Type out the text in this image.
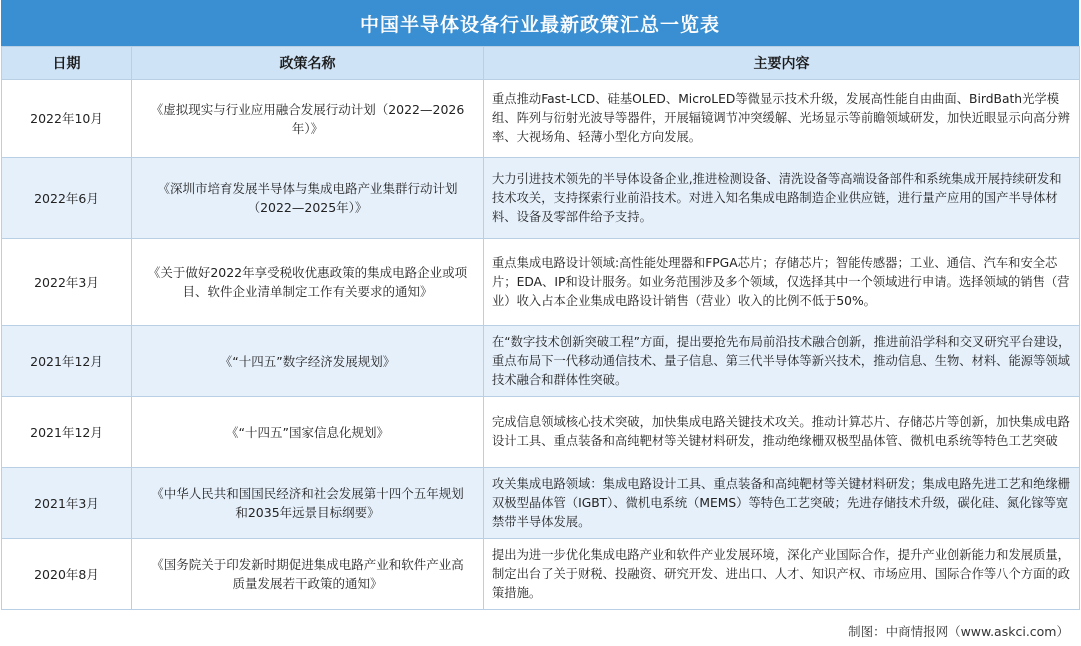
中国半导体设备行业最新政策汇总一览表
日期	政策名称	主要内容
2022年10月	《虚拟现实与行业应用融合发展行动计划（2022—2026年）》	重点推动Fast-LCD、硅基OLED、MicroLED等微显示技术升级，发展高性能自由曲面、BirdBath光学模组、阵列与衍射光波导等器件，开展辐镜调节冲突缓解、光场显示等前瞻领域研发，加快近眼显示向高分辨率、大视场角、轻薄小型化方向发展。
2022年6月	《深圳市培育发展半导体与集成电路产业集群行动计划（2022—2025年）》	大力引进技术领先的半导体设备企业,推进检测设备、清洗设备等高端设备部件和系统集成开展持续研发和技术攻关，支持探索行业前沿技术。对进入知名集成电路制造企业供应链，进行量产应用的国产半导体材料、设备及零部件给予支持。
2022年3月	《关于做好2022年享受税收优惠政策的集成电路企业或项目、软件企业清单制定工作有关要求的通知》	重点集成电路设计领域:高性能处理器和FPGA芯片；存储芯片；智能传感器；工业、通信、汽车和安全芯片；EDA、IP和设计服务。如业务范围涉及多个领域，仅选择其中一个领域进行申请。选择领域的销售（营业）收入占本企业集成电路设计销售（营业）收入的比例不低于50%。
2021年12月	《“十四五”数字经济发展规划》	在“数字技术创新突破工程”方面，提出要抢先布局前沿技术融合创新，推进前沿学科和交叉研究平台建设，重点布局下一代移动通信技术、量子信息、第三代半导体等新兴技术，推动信息、生物、材料、能源等领域技术融合和群体性突破。
2021年12月	《“十四五”国家信息化规划》	完成信息领域核心技术突破，加快集成电路关键技术攻关。推动计算芯片、存储芯片等创新，加快集成电路设计工具、重点装备和高纯靶材等关键材料研发，推动绝缘栅双极型晶体管、微机电系统等特色工艺突破
2021年3月	《中华人民共和国国民经济和社会发展第十四个五年规划和2035年远景目标纲要》	攻关集成电路领域：集成电路设计工具、重点装备和高纯靶材等关键材料研发；集成电路先进工艺和绝缘栅双极型晶体管（IGBT）、微机电系统（MEMS）等特色工艺突破；先进存储技术升级，碳化硅、氮化镓等宽禁带半导体发展。
2020年8月	《国务院关于印发新时期促进集成电路产业和软件产业高质量发展若干政策的通知》	提出为进一步优化集成电路产业和软件产业发展环境，深化产业国际合作，提升产业创新能力和发展质量，制定出台了关于财税、投融资、研究开发、进出口、人才、知识产权、市场应用、国际合作等八个方面的政策措施。
制图：中商情报网（www.askci.com）
